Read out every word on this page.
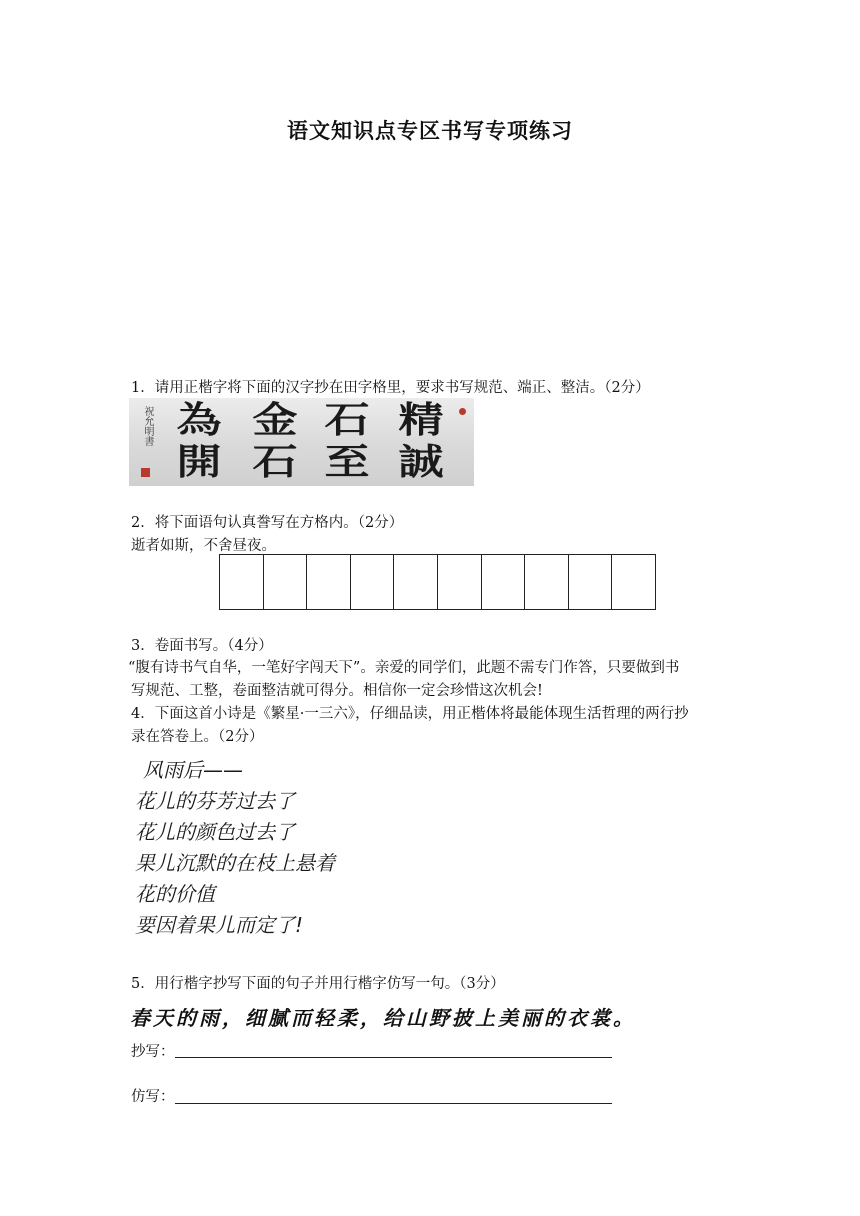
语文知识点专区书写专项练习
1．请用正楷字将下面的汉字抄在田字格里，要求书写规范、端正、整洁。（2分）
祝允明書 為 金 石 精
開 石 至 誠
2．将下面语句认真誊写在方格内。（2分）
逝者如斯，不舍昼夜。
3．卷面书写。（4分）
“腹有诗书气自华，一笔好字闯天下”。亲爱的同学们，此题不需专门作答，只要做到书
写规范、工整，卷面整洁就可得分。相信你一定会珍惜这次机会!
4．下面这首小诗是《繁星·一三六》，仔细品读，用正楷体将最能体现生活哲理的两行抄
录在答卷上。（2分）
风雨后——
花儿的芬芳过去了
花儿的颜色过去了
果儿沉默的在枝上悬着
花的价值
要因着果儿而定了!
5．用行楷字抄写下面的句子并用行楷字仿写一句。（3分）
春天的雨，细腻而轻柔，给山野披上美丽的衣裳。
抄写：
仿写：
